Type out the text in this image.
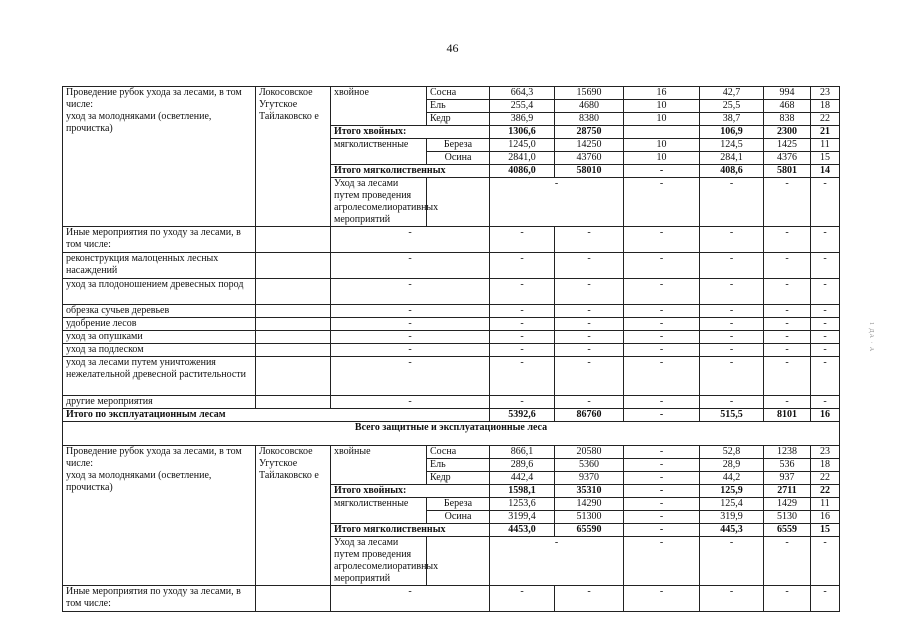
46
1 ДА · А
Проведение рубок ухода за лесами, в том числе:
уход за молодняками (осветление, прочистка)	Локосовское Угутское Тайлаковско е	хвойное	Сосна	664,3	15690	16	42,7	994	23	
			Ель	255,4	4680	10	25,5	468	18	
			Кедр	386,9	8380	10	38,7	838	22	
		Итого хвойных:		1306,6	28750		106,9	2300	21	
		мягколиственные	Береза	1245,0	14250	10	124,5	1425	11	
			Осина	2841,0	43760	10	284,1	4376	15	
		Итого мягколиственных		4086,0	58010	-	408,6	5801	14	
		Уход за лесами путем проведения агролесомелиоративных мероприятий		-		-	-	-	-		
Иные мероприятия по уходу за лесами, в том числе:		-		-	-	-	-	-	-	
реконструкция малоценных лесных насаждений		-		-	-	-	-	-	-	
уход за плодоношением древесных пород		-		-	-	-	-	-	-	
обрезка сучьев деревьев		-		-	-	-	-	-	-	
удобрение лесов		-		-	-	-	-	-	-	
уход за опушками		-		-	-	-	-	-	-	
уход за подлеском		-		-	-	-	-	-	-	
уход за лесами путем уничтожения нежелательной древесной растительности		-		-	-	-	-	-	-	
другие мероприятия		-		-	-	-	-	-	-	
Итого по эксплуатационным лесам				5392,6	86760	-	515,5	8101	16	
Всего защитные и эксплуатационные леса										
Проведение рубок ухода за лесами, в том числе:
уход за молодняками (осветление, прочистка)	Локосовское Угутское Тайлаковско е	хвойные	Сосна	866,1	20580	-	52,8	1238	23	
			Ель	289,6	5360	-	28,9	536	18	
			Кедр	442,4	9370	-	44,2	937	22	
		Итого хвойных:		1598,1	35310	-	125,9	2711	22	
		мягколиственные	Береза	1253,6	14290	-	125,4	1429	11	
			Осина	3199,4	51300	-	319,9	5130	16	
		Итого мягколиственных		4453,0	65590	-	445,3	6559	15	
		Уход за лесами путем проведения агролесомелиоративных мероприятий		-		-	-	-	-		
Иные мероприятия по уходу за лесами, в том числе:		-		-	-	-	-	-	-	
